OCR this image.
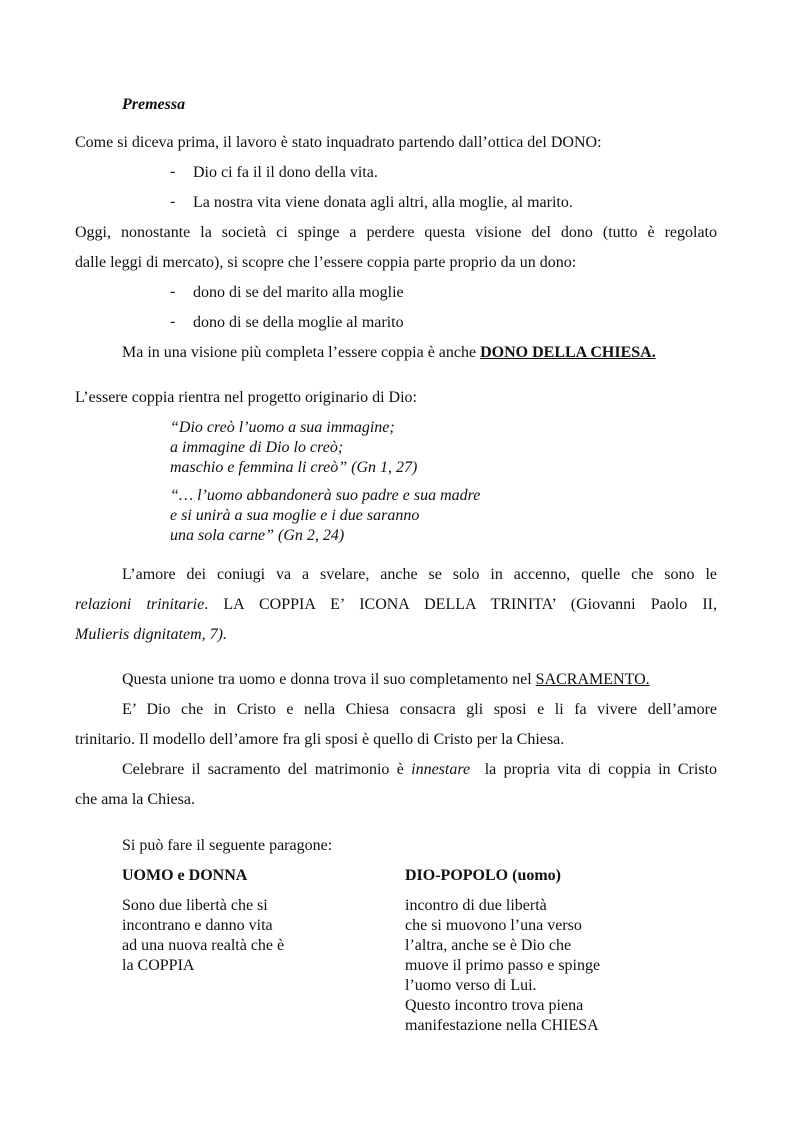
Premessa
Come si diceva prima, il lavoro è stato inquadrato partendo dall’ottica del DONO:
- Dio ci fa il il dono della vita.
- La nostra vita viene donata agli altri, alla moglie, al marito.
Oggi, nonostante la società ci spinge a perdere questa visione del dono (tutto è regolato
dalle leggi di mercato), si scopre che l’essere coppia parte proprio da un dono:
- dono di se del marito alla moglie
- dono di se della moglie al marito
Ma in una visione più completa l’essere coppia è anche DONO DELLA CHIESA.
L’essere coppia rientra nel progetto originario di Dio:
“Dio creò l’uomo a sua immagine;
a immagine di Dio lo creò;
maschio e femmina li creò” (Gn 1, 27)
“… l’uomo abbandonerà suo padre e sua madre
e si unirà a sua moglie e i due saranno
una sola carne” (Gn 2, 24)
L’amore dei coniugi va a svelare, anche se solo in accenno, quelle che sono le
relazioni trinitarie. LA COPPIA E’ ICONA DELLA TRINITA’ (Giovanni Paolo II,
Mulieris dignitatem, 7).
Questa unione tra uomo e donna trova il suo completamento nel SACRAMENTO.
E’ Dio che in Cristo e nella Chiesa consacra gli sposi e li fa vivere dell’amore
trinitario. Il modello dell’amore fra gli sposi è quello di Cristo per la Chiesa.
Celebrare il sacramento del matrimonio è innestare  la propria vita di coppia in Cristo
che ama la Chiesa.
Si può fare il seguente paragone:
UOMO e DONNA
Sono due libertà che si
incontrano e danno vita
ad una nuova realtà che è
la COPPIA
DIO-POPOLO (uomo)
incontro di due libertà
che si muovono l’una verso
l’altra, anche se è Dio che
muove il primo passo e spinge
l’uomo verso di Lui.
Questo incontro trova piena
manifestazione nella CHIESA
